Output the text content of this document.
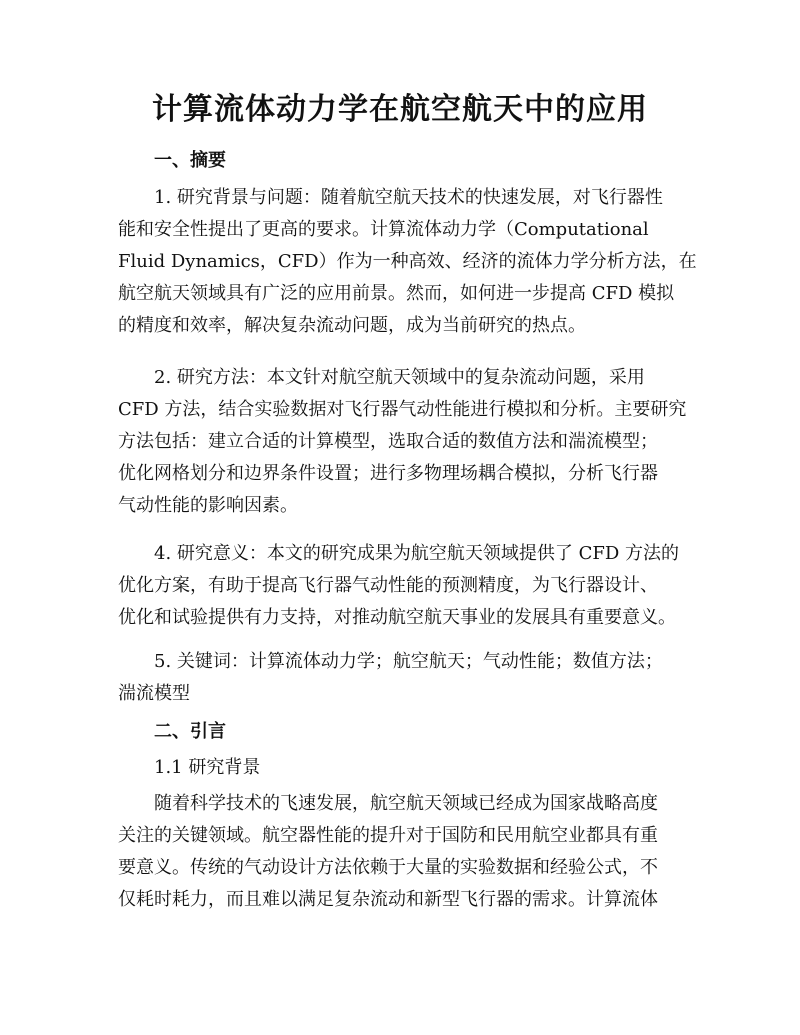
计算流体动力学在航空航天中的应用
一、摘要
1. 研究背景与问题：随着航空航天技术的快速发展，对飞行器性
能和安全性提出了更高的要求。计算流体动力学（Computational
Fluid Dynamics，CFD）作为一种高效、经济的流体力学分析方法，在
航空航天领域具有广泛的应用前景。然而，如何进一步提高 CFD 模拟
的精度和效率，解决复杂流动问题，成为当前研究的热点。
2. 研究方法：本文针对航空航天领域中的复杂流动问题，采用
CFD 方法，结合实验数据对飞行器气动性能进行模拟和分析。主要研究
方法包括：建立合适的计算模型，选取合适的数值方法和湍流模型；
优化网格划分和边界条件设置；进行多物理场耦合模拟，分析飞行器
气动性能的影响因素。
4. 研究意义：本文的研究成果为航空航天领域提供了 CFD 方法的
优化方案，有助于提高飞行器气动性能的预测精度，为飞行器设计、
优化和试验提供有力支持，对推动航空航天事业的发展具有重要意义。
5. 关键词：计算流体动力学；航空航天；气动性能；数值方法；
湍流模型
二、引言
1.1 研究背景
随着科学技术的飞速发展，航空航天领域已经成为国家战略高度
关注的关键领域。航空器性能的提升对于国防和民用航空业都具有重
要意义。传统的气动设计方法依赖于大量的实验数据和经验公式，不
仅耗时耗力，而且难以满足复杂流动和新型飞行器的需求。计算流体
